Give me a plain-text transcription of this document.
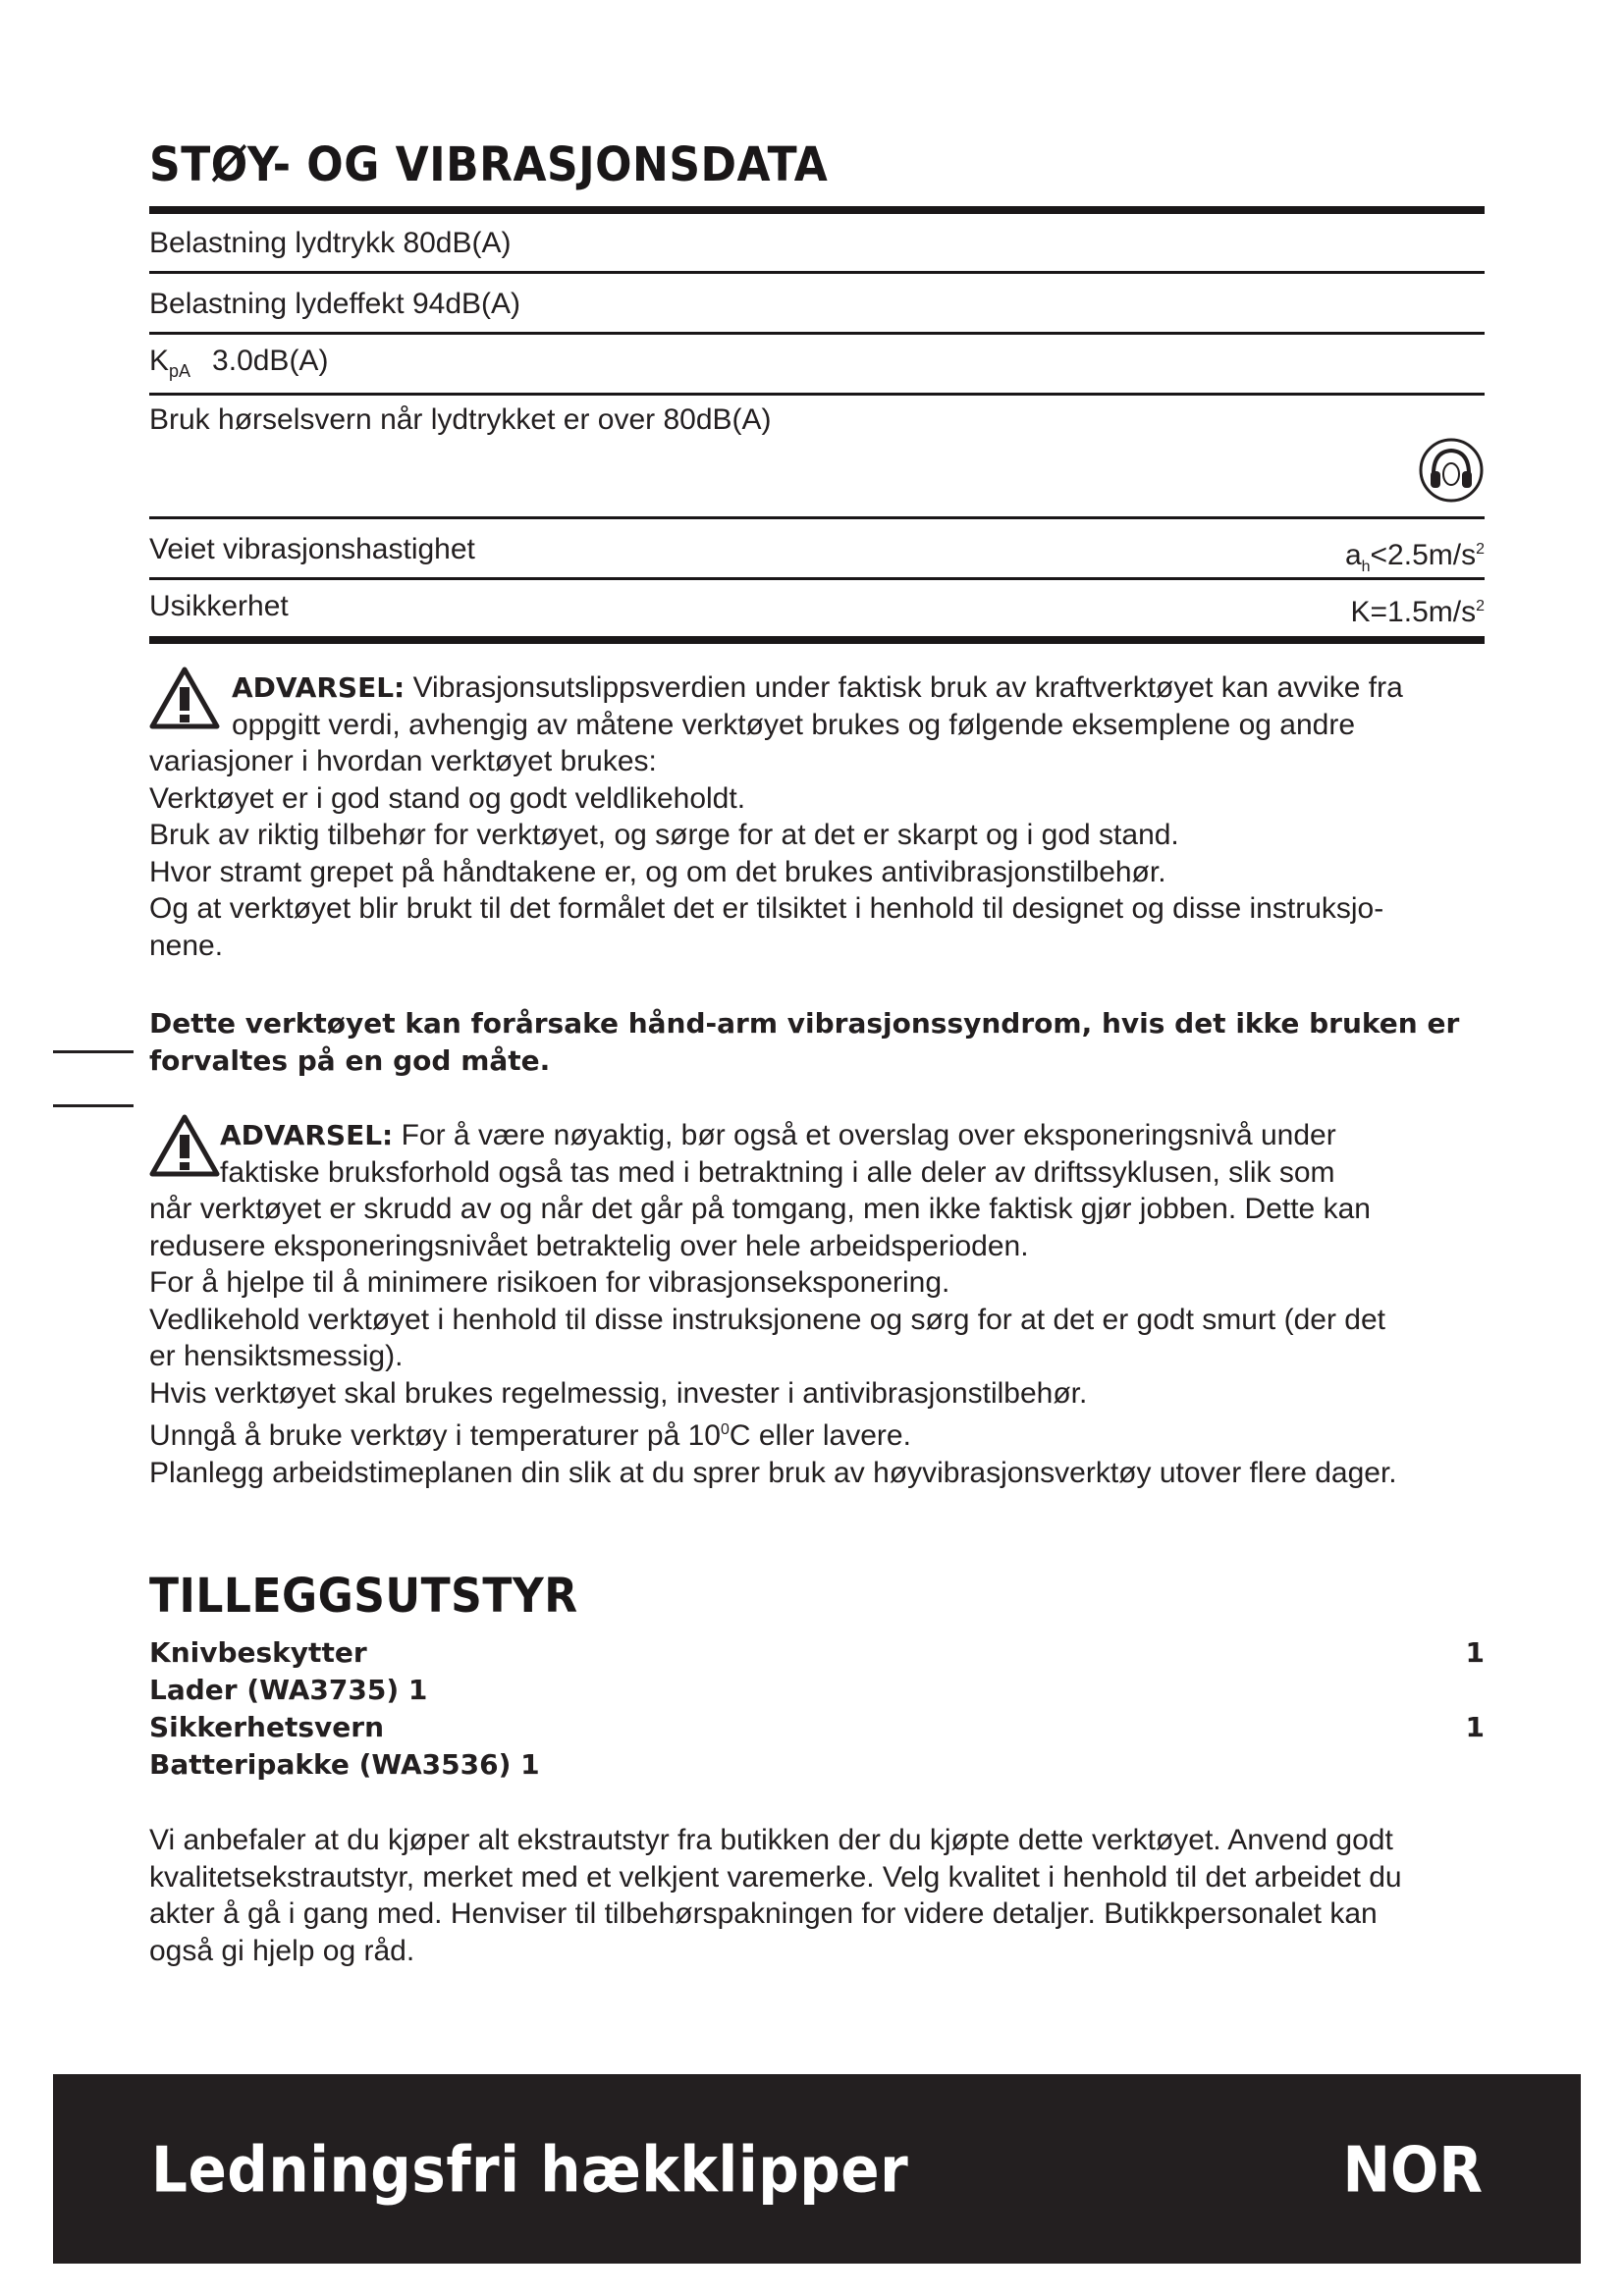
STØY- OG VIBRASJONSDATA
Belastning lydtrykk 80dB(A)
Belastning lydeffekt 94dB(A)
$K_{pA}$ 3.0dB(A)
Bruk hørselsvern når lydtrykket er over 80dB(A)
Veiet vibrasjonshastighet	$a_h<2.5m/s^2$
Usikkerhet	$K=1.5m/s^2$
ADVARSEL: Vibrasjonsutslippsverdien under faktisk bruk av kraftverktøyet kan avvike fra
oppgitt verdi, avhengig av måtene verktøyet brukes og følgende eksemplene og andre
variasjoner i hvordan verktøyet brukes:
Verktøyet er i god stand og godt veldlikeholdt.
Bruk av riktig tilbehør for verktøyet, og sørge for at det er skarpt og i god stand.
Hvor stramt grepet på håndtakene er, og om det brukes antivibrasjonstilbehør.
Og at verktøyet blir brukt til det formålet det er tilsiktet i henhold til designet og disse instruksjo-
nene.
Dette verktøyet kan forårsake hånd-arm vibrasjonssyndrom, hvis det ikke bruken er
forvaltes på en god måte.
ADVARSEL: For å være nøyaktig, bør også et overslag over eksponeringsnivå under
faktiske bruksforhold også tas med i betraktning i alle deler av driftssyklusen, slik som
når verktøyet er skrudd av og når det går på tomgang, men ikke faktisk gjør jobben. Dette kan
redusere eksponeringsnivået betraktelig over hele arbeidsperioden.
For å hjelpe til å minimere risikoen for vibrasjonseksponering.
Vedlikehold verktøyet i henhold til disse instruksjonene og sørg for at det er godt smurt (der det
er hensiktsmessig).
Hvis verktøyet skal brukes regelmessig, invester i antivibrasjonstilbehør.
Unngå å bruke verktøy i temperaturer på $10^0C$ eller lavere.
Planlegg arbeidstimeplanen din slik at du sprer bruk av høyvibrasjonsverktøy utover flere dager.
TILLEGGSUTSTYR
Knivbeskytter	1
Lader (WA3735) 1
Sikkerhetsvern	1
Batteripakke (WA3536) 1
Vi anbefaler at du kjøper alt ekstrautstyr fra butikken der du kjøpte dette verktøyet. Anvend godt
kvalitetsekstrautstyr, merket med et velkjent varemerke. Velg kvalitet i henhold til det arbeidet du
akter å gå i gang med. Henviser til tilbehørspakningen for videre detaljer. Butikkpersonalet kan
også gi hjelp og råd.
Ledningsfri hækklipper	NOR
